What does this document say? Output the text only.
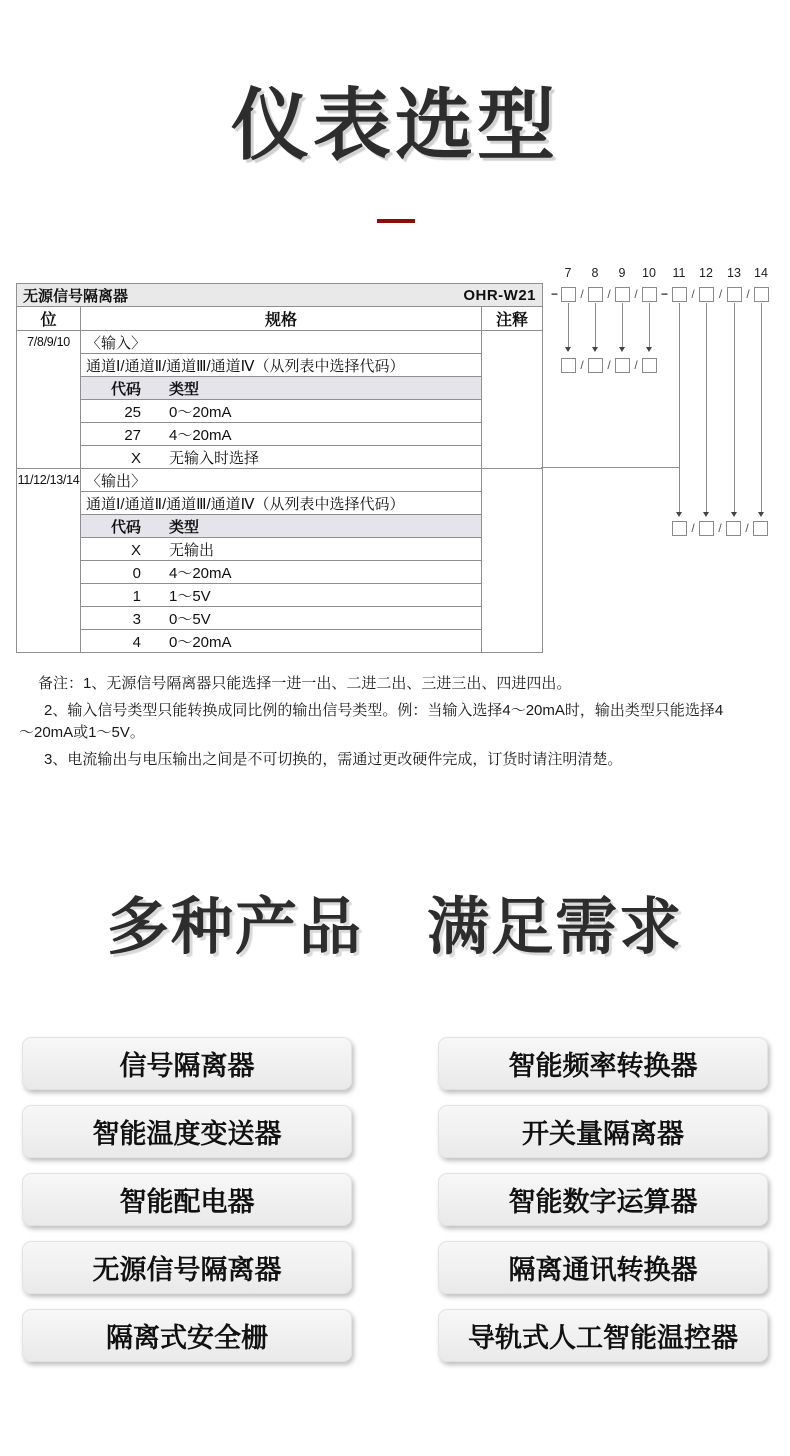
仪表选型
无源信号隔离器 OHR-W21		

位	规格	注释
7/8/9/10	〈输入〉	
	通道Ⅰ/通道Ⅱ/通道Ⅲ/通道Ⅳ（从列表中选择代码）	
	代码 类型	
	25 0～20mA	
	27 4～20mA	
	X 无输入时选择	
11/12/13/14	〈输出〉	
	通道Ⅰ/通道Ⅱ/通道Ⅲ/通道Ⅳ（从列表中选择代码）	
	代码 类型	
	X 无输出	
	0 4～20mA	
	1 1～5V	
	3 0～5V	
	4 0～20mA	
7	8	9	10 11 12 13 14
−	/	/	/	−	/	/	/
/	/	/
/	/	/

备注：1、无源信号隔离器只能选择一进一出、二进二出、三进三出、四进四出。

2、输入信号类型只能转换成同比例的输出信号类型。例：当输入选择4～20mA时，输出类型只能选择4～20mA或1～5V。

3、电流输出与电压输出之间是不可切换的，需通过更改硬件完成，订货时请注明清楚。

多种产品　满足需求
信号隔离器	智能频率转换器
智能温度变送器	开关量隔离器
智能配电器	智能数字运算器
无源信号隔离器	隔离通讯转换器
隔离式安全栅	导轨式人工智能温控器
